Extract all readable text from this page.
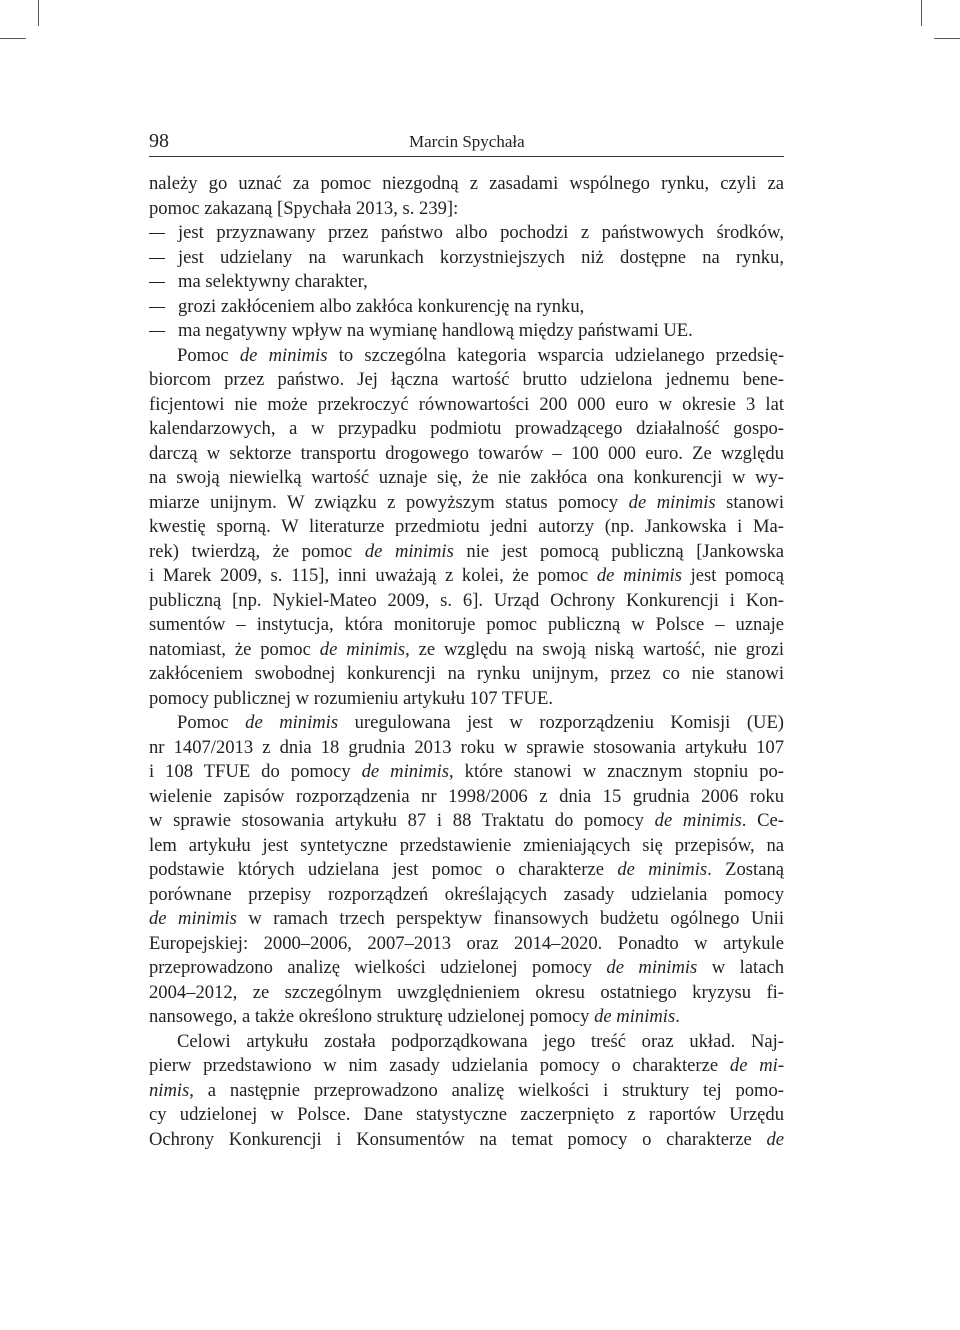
98	Marcin Spychała
należy go uznać za pomoc niezgodną z zasadami wspólnego rynku, czyli za
pomoc zakazaną [Spychała 2013, s. 239]:
jest przyznawany przez państwo albo pochodzi z państwowych środków,
jest udzielany na warunkach korzystniejszych niż dostępne na rynku,
ma selektywny charakter,
grozi zakłóceniem albo zakłóca konkurencję na rynku,
ma negatywny wpływ na wymianę handlową między państwami UE.
Pomoc de minimis to szczególna kategoria wsparcia udzielanego przedsię-
biorcom przez państwo. Jej łączna wartość brutto udzielona jednemu bene-
ficjentowi nie może przekroczyć równowartości 200 000 euro w okresie 3 lat
kalendarzowych, a w przypadku podmiotu prowadzącego działalność gospo-
darczą w sektorze transportu drogowego towarów – 100 000 euro. Ze względu
na swoją niewielką wartość uznaje się, że nie zakłóca ona konkurencji w wy-
miarze unijnym. W związku z powyższym status pomocy de minimis stanowi
kwestię sporną. W literaturze przedmiotu jedni autorzy (np. Jankowska i Ma-
rek) twierdzą, że pomoc de minimis nie jest pomocą publiczną [Jankowska
i Marek 2009, s. 115], inni uważają z kolei, że pomoc de minimis jest pomocą
publiczną [np. Nykiel-Mateo 2009, s. 6]. Urząd Ochrony Konkurencji i Kon-
sumentów – instytucja, która monitoruje pomoc publiczną w Polsce – uznaje
natomiast, że pomoc de minimis, ze względu na swoją niską wartość, nie grozi
zakłóceniem swobodnej konkurencji na rynku unijnym, przez co nie stanowi
pomocy publicznej w rozumieniu artykułu 107 TFUE.
Pomoc de minimis uregulowana jest w rozporządzeniu Komisji (UE)
nr 1407/2013 z dnia 18 grudnia 2013 roku w sprawie stosowania artykułu 107
i 108 TFUE do pomocy de minimis, które stanowi w znacznym stopniu po-
wielenie zapisów rozporządzenia nr 1998/2006 z dnia 15 grudnia 2006 roku
w sprawie stosowania artykułu 87 i 88 Traktatu do pomocy de minimis. Ce-
lem artykułu jest syntetyczne przedstawienie zmieniających się przepisów, na
podstawie których udzielana jest pomoc o charakterze de minimis. Zostaną
porównane przepisy rozporządzeń określających zasady udzielania pomocy
de minimis w ramach trzech perspektyw finansowych budżetu ogólnego Unii
Europejskiej: 2000–2006, 2007–2013 oraz 2014–2020. Ponadto w artykule
przeprowadzono analizę wielkości udzielonej pomocy de minimis w latach
2004–2012, ze szczególnym uwzględnieniem okresu ostatniego kryzysu fi-
nansowego, a także określono strukturę udzielonej pomocy de minimis.
Celowi artykułu została podporządkowana jego treść oraz układ. Naj-
pierw przedstawiono w nim zasady udzielania pomocy o charakterze de mi-
nimis, a następnie przeprowadzono analizę wielkości i struktury tej pomo-
cy udzielonej w Polsce. Dane statystyczne zaczerpnięto z raportów Urzędu
Ochrony Konkurencji i Konsumentów na temat pomocy o charakterze de
